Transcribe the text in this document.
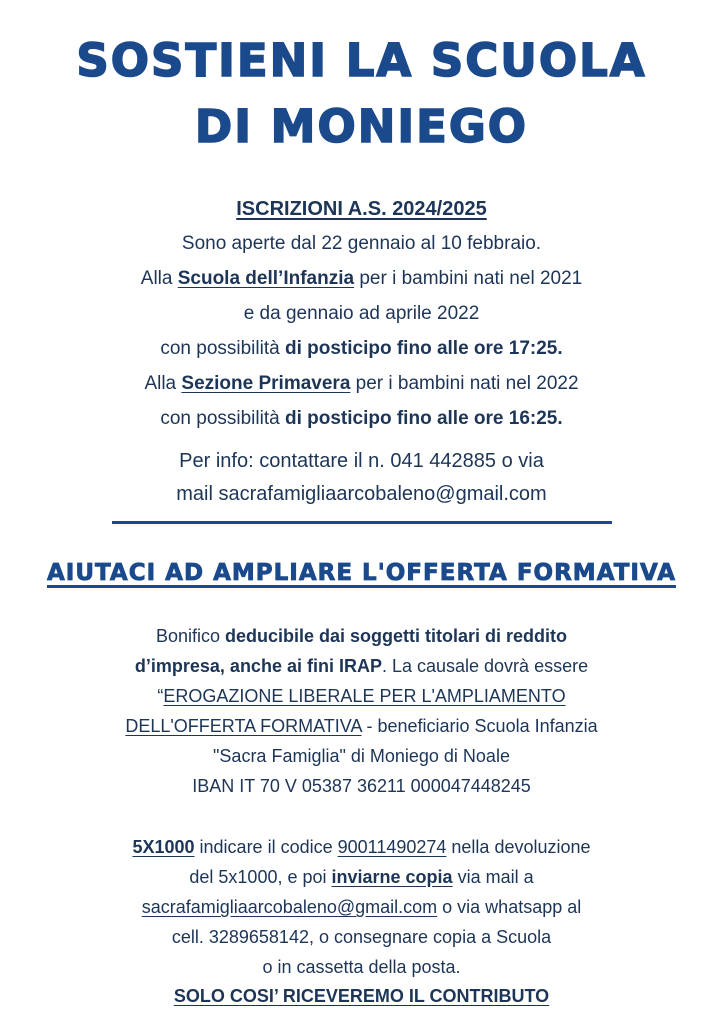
SOSTIENI LA SCUOLA
DI MONIEGO
ISCRIZIONI A.S. 2024/2025
Sono aperte dal 22 gennaio al 10 febbraio.
Alla Scuola dell’Infanzia per i bambini nati nel 2021
e da gennaio ad aprile 2022
con possibilità di posticipo fino alle ore 17:25.
Alla Sezione Primavera per i bambini nati nel 2022
con possibilità di posticipo fino alle ore 16:25.
Per info: contattare il n. 041 442885 o via
mail sacrafamigliaarcobaleno@gmail.com
AIUTACI AD AMPLIARE L'OFFERTA FORMATIVA
Bonifico deducibile dai soggetti titolari di reddito
d’impresa, anche ai fini IRAP. La causale dovrà essere
“EROGAZIONE LIBERALE PER L'AMPLIAMENTO
DELL'OFFERTA FORMATIVA - beneficiario Scuola Infanzia
"Sacra Famiglia" di Moniego di Noale
IBAN IT 70 V 05387 36211 000047448245
5X1000 indicare il codice 90011490274 nella devoluzione
del 5x1000, e poi inviarne copia via mail a
sacrafamigliaarcobaleno@gmail.com o via whatsapp al
cell. 3289658142, o consegnare copia a Scuola
o in cassetta della posta.
SOLO COSI’ RICEVEREMO IL CONTRIBUTO
